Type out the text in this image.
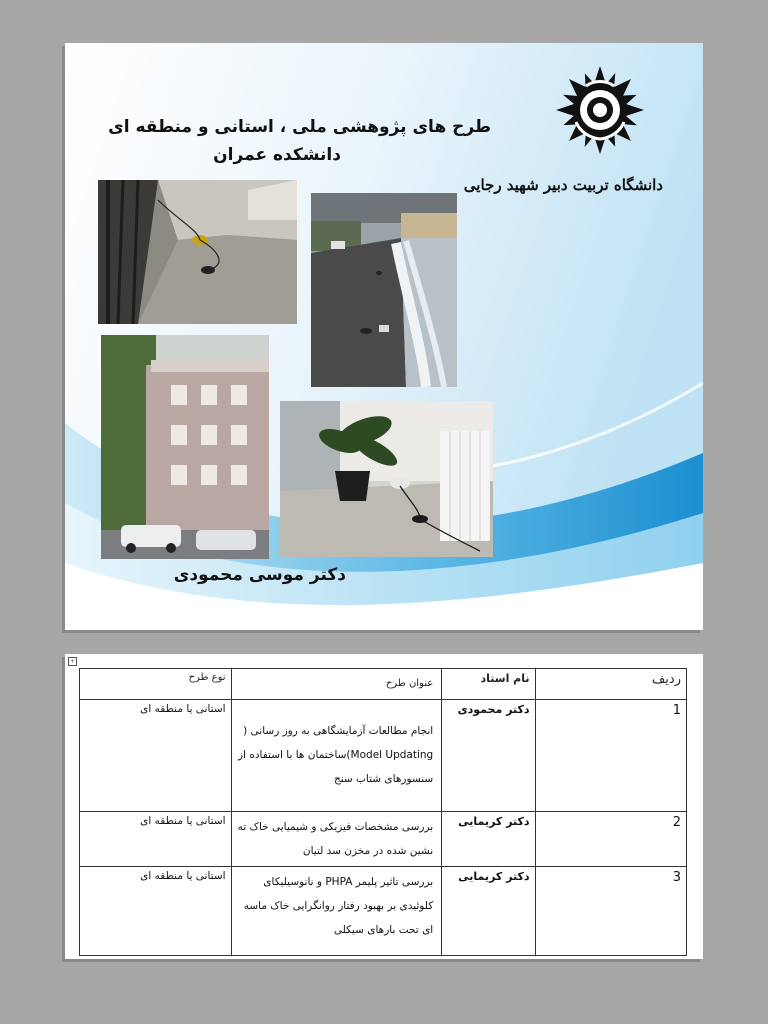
طرح های پژوهشی ملی ، استانی و منطقه ای
دانشکده عمران
دانشگاه تربیت دبیر شهید رجایی
دکتر موسی محمودی
+
ردیف	نام استاد	عنوان طرح	نوع طرح
1	دکتر محمودی	انجام مطالعات آزمایشگاهی به روز رسانی ( Model Updating)ساختمان ها با استفاده از سنسورهای شتاب سنج	استانی یا منطقه ای
2	دکتر کریمایی	بررسی مشخصات فیزیکی و شیمیایی خاک ته نشین شده در مخزن سد لتیان	استانی یا منطقه ای
3	دکتر کریمایی	بررسی تاثیر پلیمر PHPA و نانوسیلیکای کلوئیدی بر بهبود رفتار روانگرایی خاک ماسه ای تحت بارهای سیکلی	استانی یا منطقه ای
